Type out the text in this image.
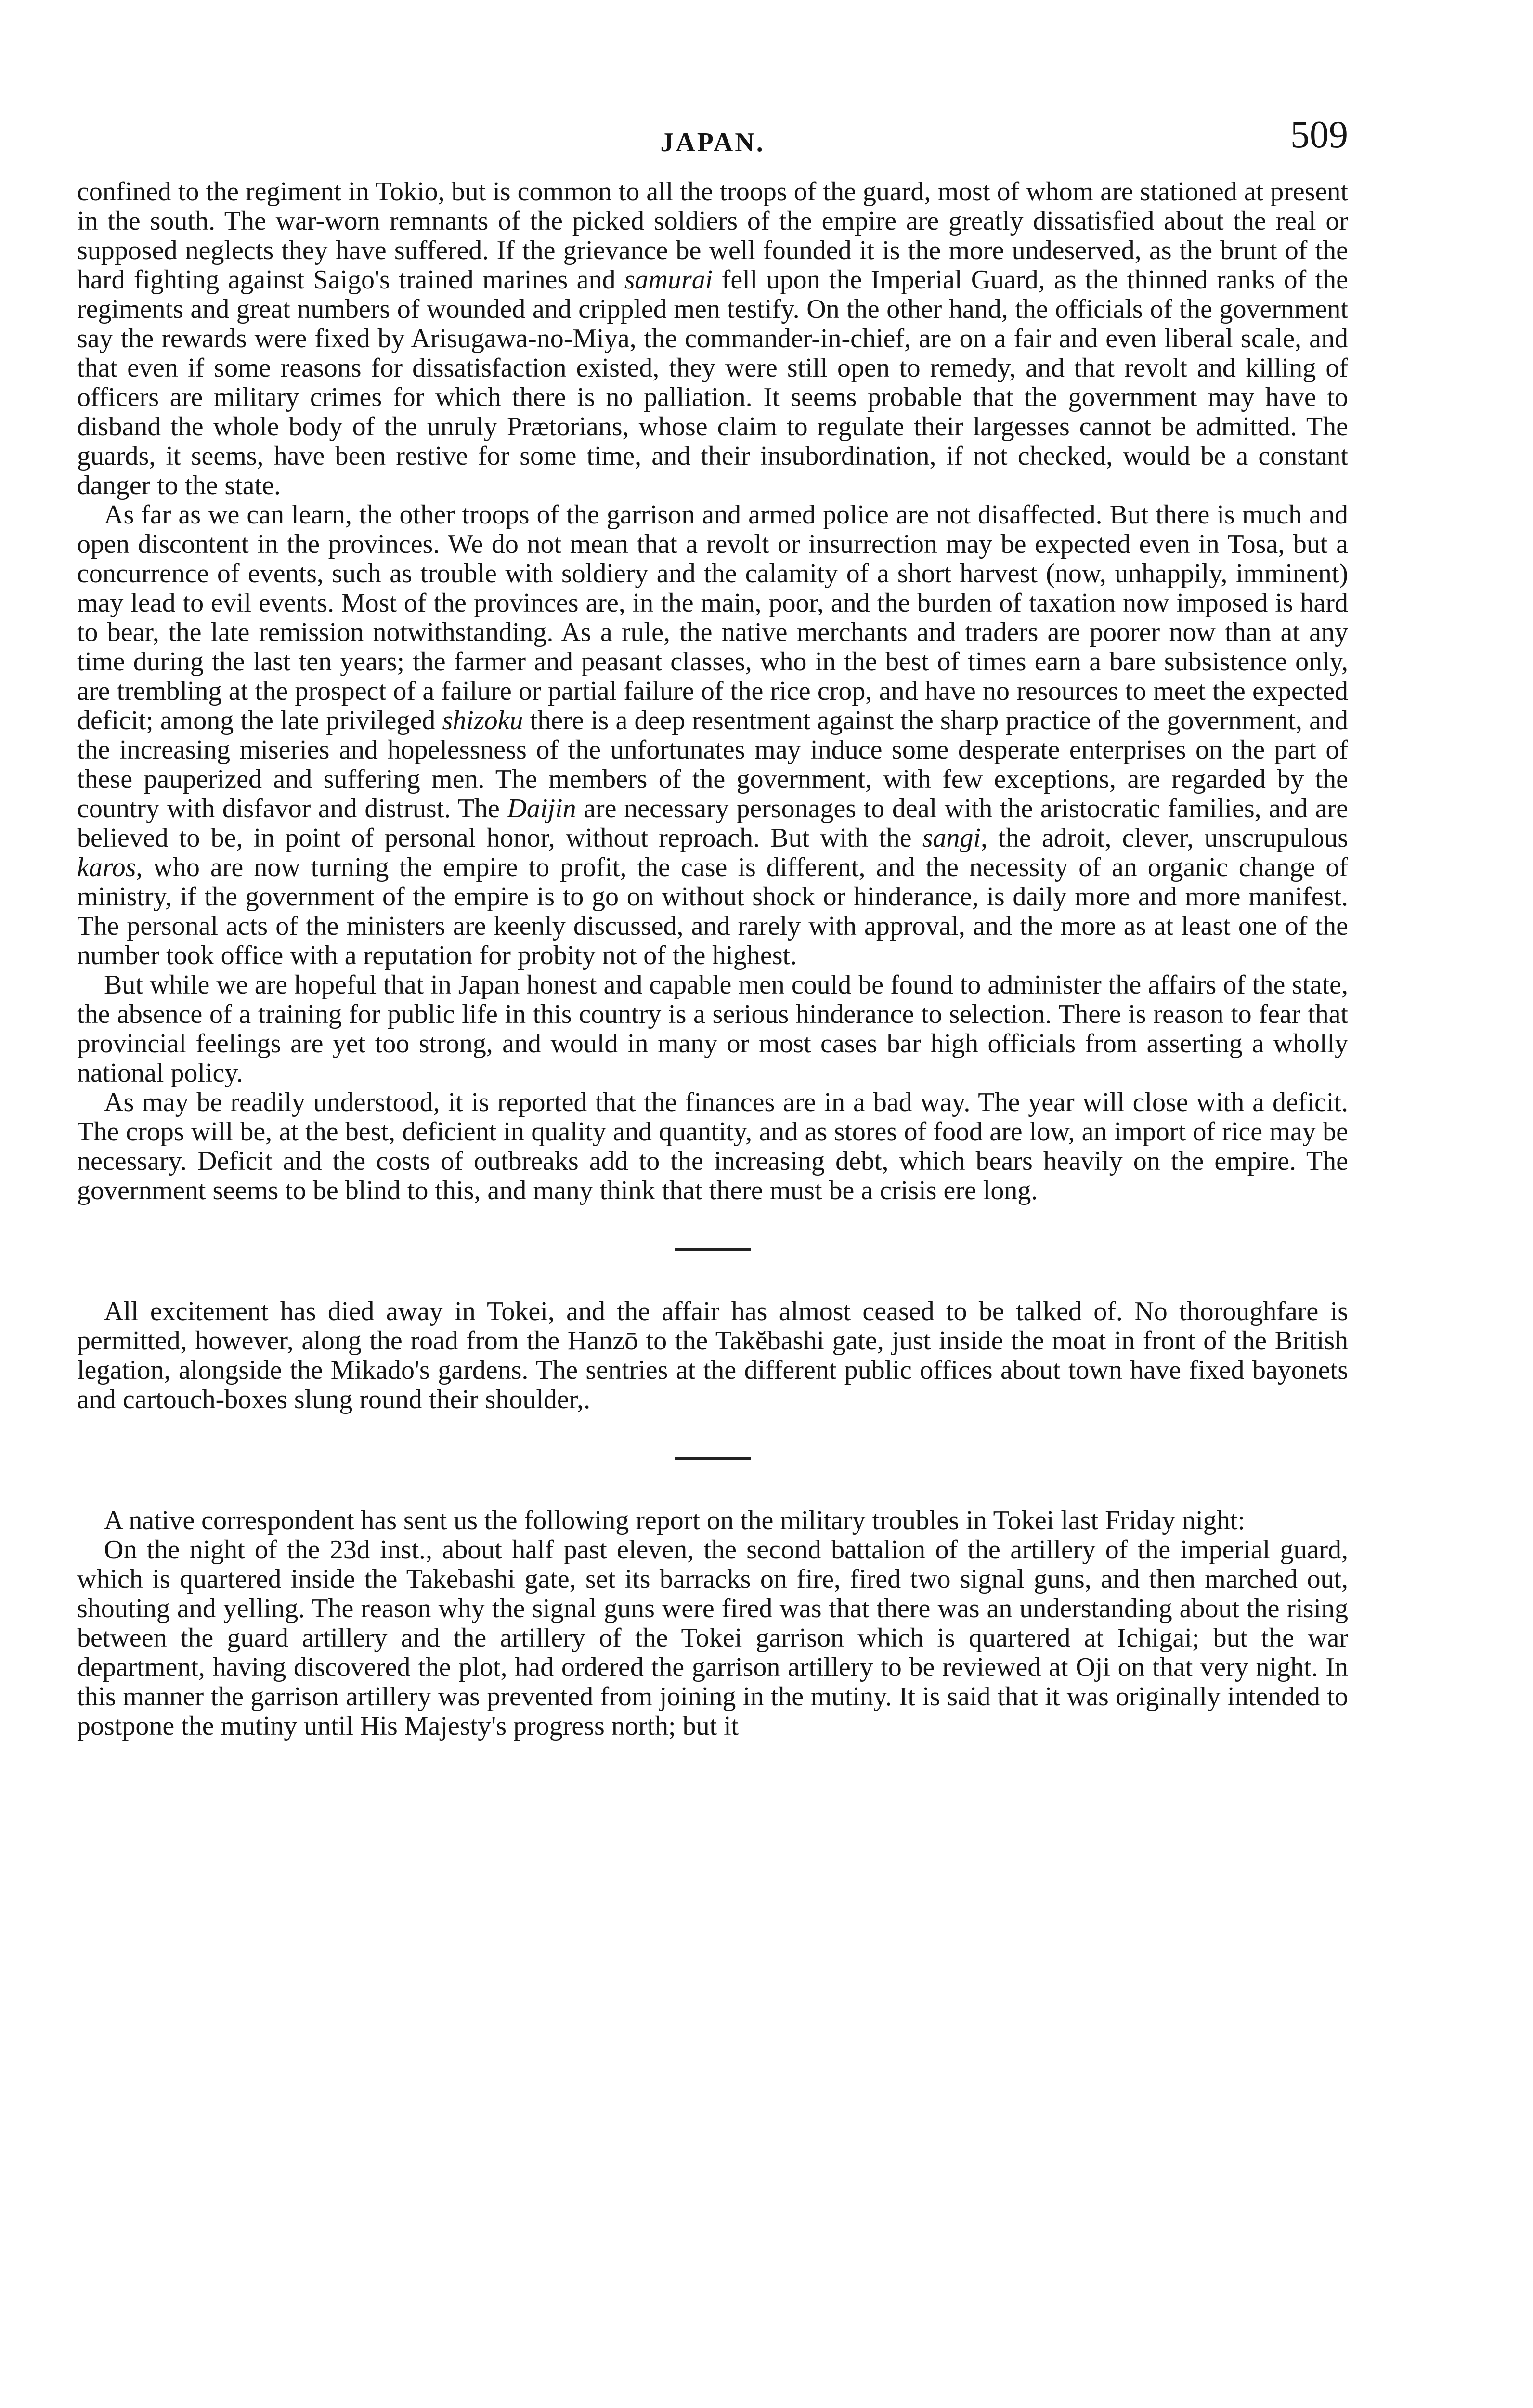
JAPAN.	509

confined to the regiment in Tokio, but is common to all the troops of the guard, most of whom are stationed at present in the south. The war-worn remnants of the picked soldiers of the empire are greatly dissatisfied about the real or supposed neglects they have suffered. If the grievance be well founded it is the more undeserved, as the brunt of the hard fighting against Saigo's trained marines and samurai fell upon the Imperial Guard, as the thinned ranks of the regiments and great numbers of wounded and crippled men testify. On the other hand, the officials of the government say the rewards were fixed by Arisugawa-no-Miya, the commander-in-chief, are on a fair and even liberal scale, and that even if some reasons for dissatisfaction existed, they were still open to remedy, and that revolt and killing of officers are military crimes for which there is no palliation. It seems probable that the government may have to disband the whole body of the unruly Prætorians, whose claim to regulate their largesses cannot be admitted. The guards, it seems, have been restive for some time, and their insubordination, if not checked, would be a constant danger to the state.

As far as we can learn, the other troops of the garrison and armed police are not disaffected. But there is much and open discontent in the provinces. We do not mean that a revolt or insurrection may be expected even in Tosa, but a concurrence of events, such as trouble with soldiery and the calamity of a short harvest (now, unhappily, imminent) may lead to evil events. Most of the provinces are, in the main, poor, and the burden of taxation now imposed is hard to bear, the late remission notwithstanding. As a rule, the native merchants and traders are poorer now than at any time during the last ten years; the farmer and peasant classes, who in the best of times earn a bare subsistence only, are trembling at the prospect of a failure or partial failure of the rice crop, and have no resources to meet the expected deficit; among the late privileged shizoku there is a deep resentment against the sharp practice of the government, and the increasing miseries and hopelessness of the unfortunates may induce some desperate enterprises on the part of these pauperized and suffering men. The members of the government, with few exceptions, are regarded by the country with disfavor and distrust. The Daijin are necessary personages to deal with the aristocratic families, and are believed to be, in point of personal honor, without reproach. But with the sangi, the adroit, clever, unscrupulous karos, who are now turning the empire to profit, the case is different, and the necessity of an organic change of ministry, if the government of the empire is to go on without shock or hinderance, is daily more and more manifest. The personal acts of the ministers are keenly discussed, and rarely with approval, and the more as at least one of the number took office with a reputation for probity not of the highest.

But while we are hopeful that in Japan honest and capable men could be found to administer the affairs of the state, the absence of a training for public life in this country is a serious hinderance to selection. There is reason to fear that provincial feelings are yet too strong, and would in many or most cases bar high officials from asserting a wholly national policy.

As may be readily understood, it is reported that the finances are in a bad way. The year will close with a deficit. The crops will be, at the best, deficient in quality and quantity, and as stores of food are low, an import of rice may be necessary. Deficit and the costs of outbreaks add to the increasing debt, which bears heavily on the empire. The government seems to be blind to this, and many think that there must be a crisis ere long.

All excitement has died away in Tokei, and the affair has almost ceased to be talked of. No thoroughfare is permitted, however, along the road from the Hanzō to the Takĕbashi gate, just inside the moat in front of the British legation, alongside the Mikado's gardens. The sentries at the different public offices about town have fixed bayonets and cartouch-boxes slung round their shoulder,.

A native correspondent has sent us the following report on the military troubles in Tokei last Friday night:

On the night of the 23d inst., about half past eleven, the second battalion of the artillery of the imperial guard, which is quartered inside the Takebashi gate, set its barracks on fire, fired two signal guns, and then marched out, shouting and yelling. The reason why the signal guns were fired was that there was an understanding about the rising between the guard artillery and the artillery of the Tokei garrison which is quartered at Ichigai; but the war department, having discovered the plot, had ordered the garrison artillery to be reviewed at Oji on that very night. In this manner the garrison artillery was prevented from joining in the mutiny. It is said that it was originally intended to postpone the mutiny until His Majesty's progress north; but it
